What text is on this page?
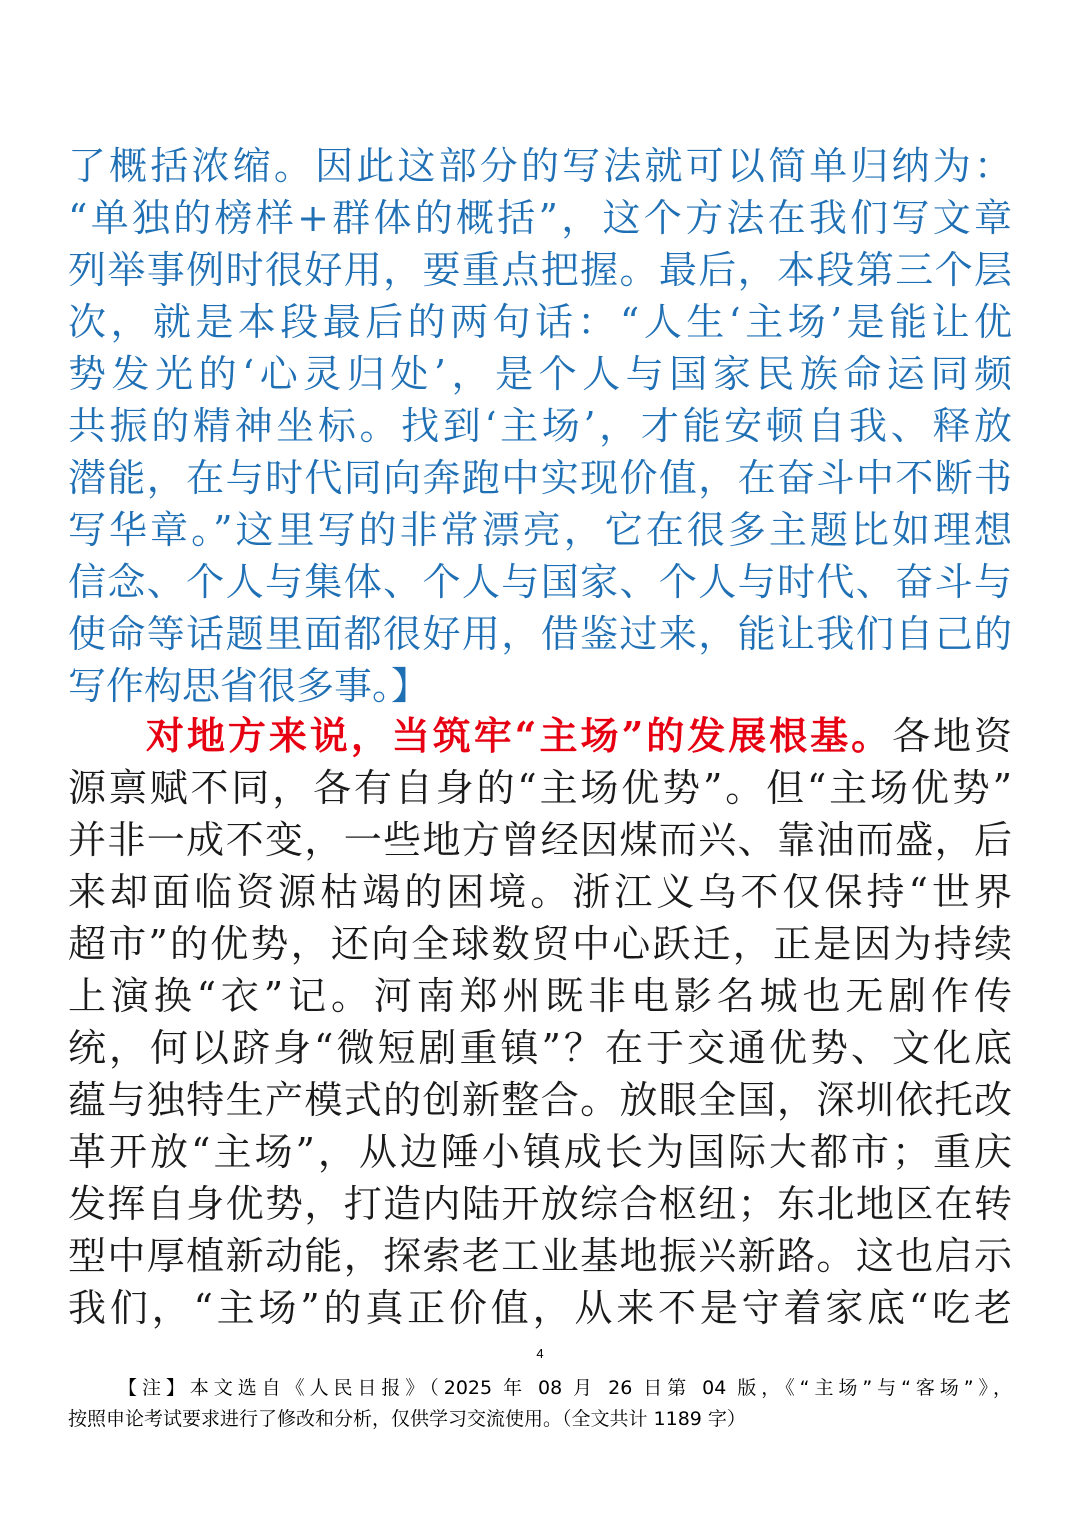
了概括浓缩。因此这部分的写法就可以简单归纳为：
“单独的榜样+群体的概括”，这个方法在我们写文章
列举事例时很好用，要重点把握。最后，本段第三个层
次，就是本段最后的两句话：“人生‘主场’是能让优
势发光的‘心灵归处’，是个人与国家民族命运同频
共振的精神坐标。找到‘主场’，才能安顿自我、释放
潜能，在与时代同向奔跑中实现价值，在奋斗中不断书
写华章。”这里写的非常漂亮，它在很多主题比如理想
信念、个人与集体、个人与国家、个人与时代、奋斗与
使命等话题里面都很好用，借鉴过来，能让我们自己的
写作构思省很多事。】
对地方来说，当筑牢“主场”的发展根基。各地资
源禀赋不同，各有自身的“主场优势”。但“主场优势”
并非一成不变，一些地方曾经因煤而兴、靠油而盛，后
来却面临资源枯竭的困境。浙江义乌不仅保持“世界
超市”的优势，还向全球数贸中心跃迁，正是因为持续
上演换“衣”记。河南郑州既非电影名城也无剧作传
统，何以跻身“微短剧重镇”？在于交通优势、文化底
蕴与独特生产模式的创新整合。放眼全国，深圳依托改
革开放“主场”，从边陲小镇成长为国际大都市；重庆
发挥自身优势，打造内陆开放综合枢纽；东北地区在转
型中厚植新动能，探索老工业基地振兴新路。这也启示
我们，“主场”的真正价值，从来不是守着家底“吃老
4
【注】本文选自《人民日报》（2025 年 08 月 26 日第 04 版，《“主场”与“客场”》，
按照申论考试要求进行了修改和分析，仅供学习交流使用。（全文共计 1189 字）
